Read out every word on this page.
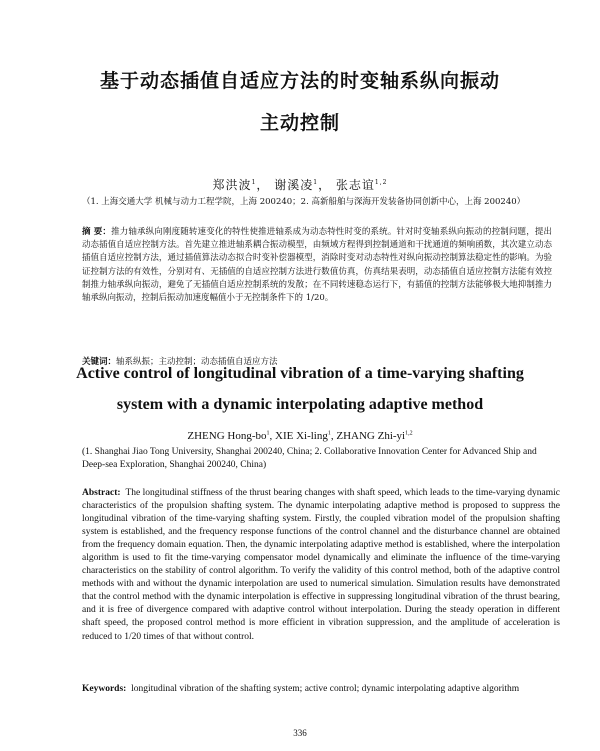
基于动态插值自适应方法的时变轴系纵向振动
主动控制
郑洪波$^1$， 谢溪凌$^1$， 张志谊$^{1,2}$
（1. 上海交通大学 机械与动力工程学院，上海 200240；2. 高新船舶与深海开发装备协同创新中心，上海 200240）
摘 要：推力轴承纵向刚度随转速变化的特性使推进轴系成为动态特性时变的系统。针对时变轴系纵向振动的控制问题，提出动态插值自适应控制方法。首先建立推进轴系耦合振动模型，由频域方程得到控制通道和干扰通道的频响函数，其次建立动态插值自适应控制方法，通过插值算法动态拟合时变补偿器模型，消除时变对动态特性对纵向振动控制算法稳定性的影响。为验证控制方法的有效性，分别对有、无插值的自适应控制方法进行数值仿真，仿真结果表明，动态插值自适应控制方法能有效控制推力轴承纵向振动，避免了无插值自适应控制系统的发散；在不同转速稳态运行下，有插值的控制方法能够极大地抑制推力轴承纵向振动，控制后振动加速度幅值小于无控制条件下的 1/20。
关键词：轴系纵振；主动控制；动态插值自适应方法
Active control of longitudinal vibration of a time-varying shafting
system with a dynamic interpolating adaptive method
ZHENG Hong-$bo^1$, XIE Xi-ling$^1$, ZHANG Zhi-yi$^{1,2}$
(1. Shanghai Jiao Tong University, Shanghai 200240, China; 2. Collaborative Innovation Center for Advanced Ship and Deep-sea Exploration, Shanghai 200240, China)
Abstract: The longitudinal stiffness of the thrust bearing changes with shaft speed, which leads to the time-varying dynamic characteristics of the propulsion shafting system. The dynamic interpolating adaptive method is proposed to suppress the longitudinal vibration of the time-varying shafting system. Firstly, the coupled vibration model of the propulsion shafting system is established, and the frequency response functions of the control channel and the disturbance channel are obtained from the frequency domain equation. Then, the dynamic interpolating adaptive method is established, where the interpolation algorithm is used to fit the time-varying compensator model dynamically and eliminate the influence of the time-varying characteristics on the stability of control algorithm. To verify the validity of this control method, both of the adaptive control methods with and without the dynamic interpolation are used to numerical simulation. Simulation results have demonstrated that the control method with the dynamic interpolation is effective in suppressing longitudinal vibration of the thrust bearing, and it is free of divergence compared with adaptive control without interpolation. During the steady operation in different shaft speed, the proposed control method is more efficient in vibration suppression, and the amplitude of acceleration is reduced to 1/20 times of that without control.
Keywords: longitudinal vibration of the shafting system; active control; dynamic interpolating adaptive algorithm
336
